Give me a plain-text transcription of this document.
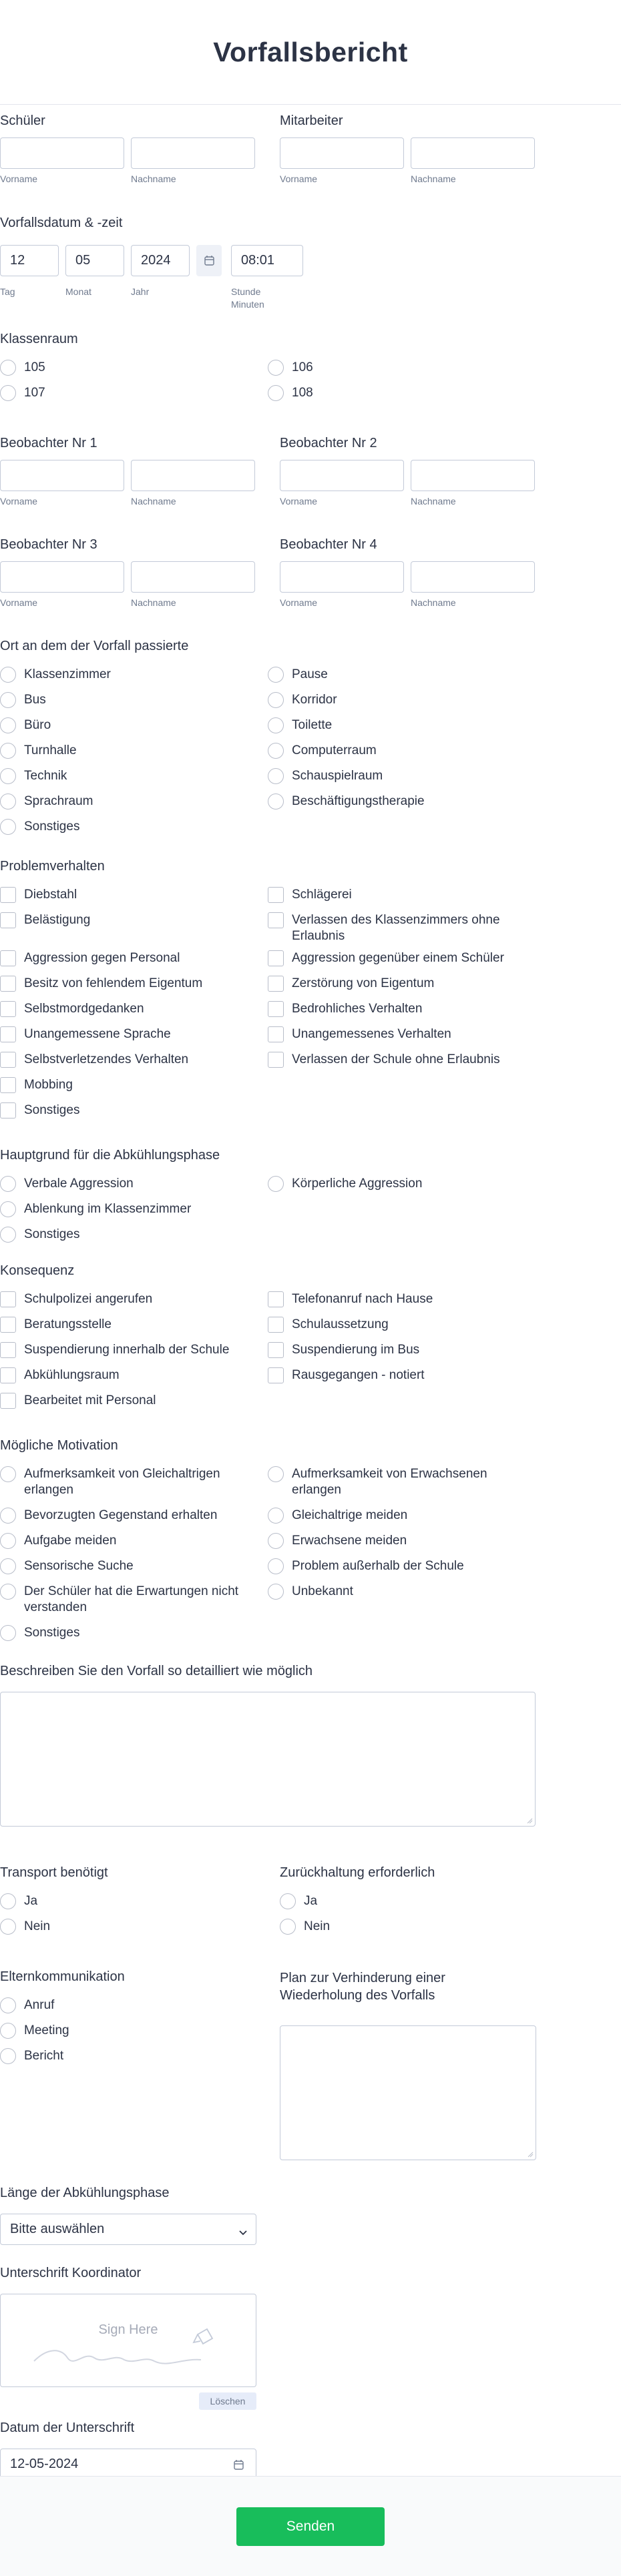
Vorfallsbericht
Schüler
Vorname	Nachname
Mitarbeiter
Vorname	Nachname
Vorfallsdatum & -zeit
12	05	2024	08:01
Tag	Monat	Jahr	Stunde
Minuten
Klassenraum
105	106
107	108
Beobachter Nr 1
Vorname	Nachname
Beobachter Nr 2
Vorname	Nachname
Beobachter Nr 3
Vorname	Nachname
Beobachter Nr 4
Vorname	Nachname
Ort an dem der Vorfall passierte
Klassenzimmer
Bus
Büro
Turnhalle
Technik
Sprachraum
Sonstiges
Pause
Korridor
Toilette
Computerraum
Schauspielraum
Beschäftigungstherapie
Problemverhalten
Diebstahl
Belästigung
Aggression gegen Personal
Besitz von fehlendem Eigentum
Selbstmordgedanken
Unangemessene Sprache
Selbstverletzendes Verhalten
Mobbing
Sonstiges
Schlägerei
Verlassen des Klassenzimmers ohne Erlaubnis
Aggression gegenüber einem Schüler
Zerstörung von Eigentum
Bedrohliches Verhalten
Unangemessenes Verhalten
Verlassen der Schule ohne Erlaubnis
Hauptgrund für die Abkühlungsphase
Verbale Aggression
Ablenkung im Klassenzimmer
Sonstiges
Körperliche Aggression
Konsequenz
Schulpolizei angerufen
Beratungsstelle
Suspendierung innerhalb der Schule
Abkühlungsraum
Bearbeitet mit Personal
Telefonanruf nach Hause
Schulaussetzung
Suspendierung im Bus
Rausgegangen - notiert
Mögliche Motivation
Aufmerksamkeit von Gleichaltrigen erlangen
Bevorzugten Gegenstand erhalten
Aufgabe meiden
Sensorische Suche
Der Schüler hat die Erwartungen nicht verstanden
Sonstiges
Aufmerksamkeit von Erwachsenen erlangen
Gleichaltrige meiden
Erwachsene meiden
Problem außerhalb der Schule
Unbekannt
Beschreiben Sie den Vorfall so detailliert wie möglich
Transport benötigt
Ja
Nein
Zurückhaltung erforderlich
Ja
Nein
Elternkommunikation
Anruf
Meeting
Bericht
Plan zur Verhinderung einer Wiederholung des Vorfalls
Länge der Abkühlungsphase
Bitte auswählen
Unterschrift Koordinator
Sign Here
Löschen
Datum der Unterschrift
12-05-2024
Senden
